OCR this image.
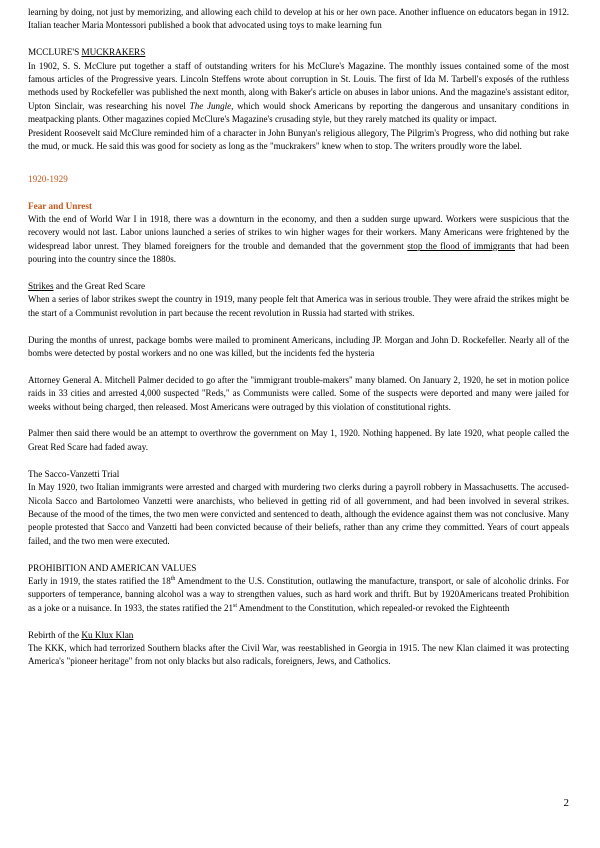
learning by doing, not just by memorizing, and allowing each child to develop at his or her own pace. Another influence on educators began in 1912. Italian teacher Maria Montessori published a book that advocated using toys to make learning fun

MCCLURE'S MUCKRAKERS

In 1902, S. S. McClure put together a staff of outstanding writers for his McClure's Magazine. The monthly issues contained some of the most famous articles of the Progressive years. Lincoln Steffens wrote about corruption in St. Louis. The first of Ida M. Tarbell's exposés of the ruthless methods used by Rockefeller was published the next month, along with Baker's article on abuses in labor unions. And the magazine's assistant editor, Upton Sinclair, was researching his novel The Jungle, which would shock Americans by reporting the dangerous and unsanitary conditions in meatpacking plants. Other magazines copied McClure's Magazine's crusading style, but they rarely matched its quality or impact.

President Roosevelt said McClure reminded him of a character in John Bunyan's religious allegory, The Pilgrim's Progress, who did nothing but rake the mud, or muck. He said this was good for society as long as the "muckrakers" knew when to stop. The writers proudly wore the label.

1920-1929

Fear and Unrest

With the end of World War I in 1918, there was a downturn in the economy, and then a sudden surge upward. Workers were suspicious that the recovery would not last. Labor unions launched a series of strikes to win higher wages for their workers. Many Americans were frightened by the widespread labor unrest. They blamed foreigners for the trouble and demanded that the government stop the flood of immigrants that had been pouring into the country since the 1880s.

Strikes and the Great Red Scare

When a series of labor strikes swept the country in 1919, many people felt that America was in serious trouble. They were afraid the strikes might be the start of a Communist revolution in part because the recent revolution in Russia had started with strikes.

During the months of unrest, package bombs were mailed to prominent Americans, including JP. Morgan and John D. Rockefeller. Nearly all of the bombs were detected by postal workers and no one was killed, but the incidents fed the hysteria

Attorney General A. Mitchell Palmer decided to go after the "immigrant trouble-makers" many blamed. On January 2, 1920, he set in motion police raids in 33 cities and arrested 4,000 suspected "Reds," as Communists were called. Some of the suspects were deported and many were jailed for weeks without being charged, then released. Most Americans were outraged by this violation of constitutional rights.

Palmer then said there would be an attempt to overthrow the government on May 1, 1920. Nothing happened. By late 1920, what people called the Great Red Scare had faded away.

The Sacco-Vanzetti Trial

In May 1920, two Italian immigrants were arrested and charged with murdering two clerks during a payroll robbery in Massachusetts. The accused-Nicola Sacco and Bartolomeo Vanzetti were anarchists, who believed in getting rid of all government, and had been involved in several strikes. Because of the mood of the times, the two men were convicted and sentenced to death, although the evidence against them was not conclusive. Many people protested that Sacco and Vanzetti had been convicted because of their beliefs, rather than any crime they committed. Years of court appeals failed, and the two men were executed.

PROHIBITION AND AMERICAN VALUES

Early in 1919, the states ratified the 18th Amendment to the U.S. Constitution, outlawing the manufacture, transport, or sale of alcoholic drinks. For supporters of temperance, banning alcohol was a way to strengthen values, such as hard work and thrift. But by 1920Americans treated Prohibition as a joke or a nuisance. In 1933, the states ratified the 21st Amendment to the Constitution, which repealed-or revoked the Eighteenth

Rebirth of the Ku Klux Klan

The KKK, which had terrorized Southern blacks after the Civil War, was reestablished in Georgia in 1915. The new Klan claimed it was protecting America's "pioneer heritage" from not only blacks but also radicals, foreigners, Jews, and Catholics.

2
